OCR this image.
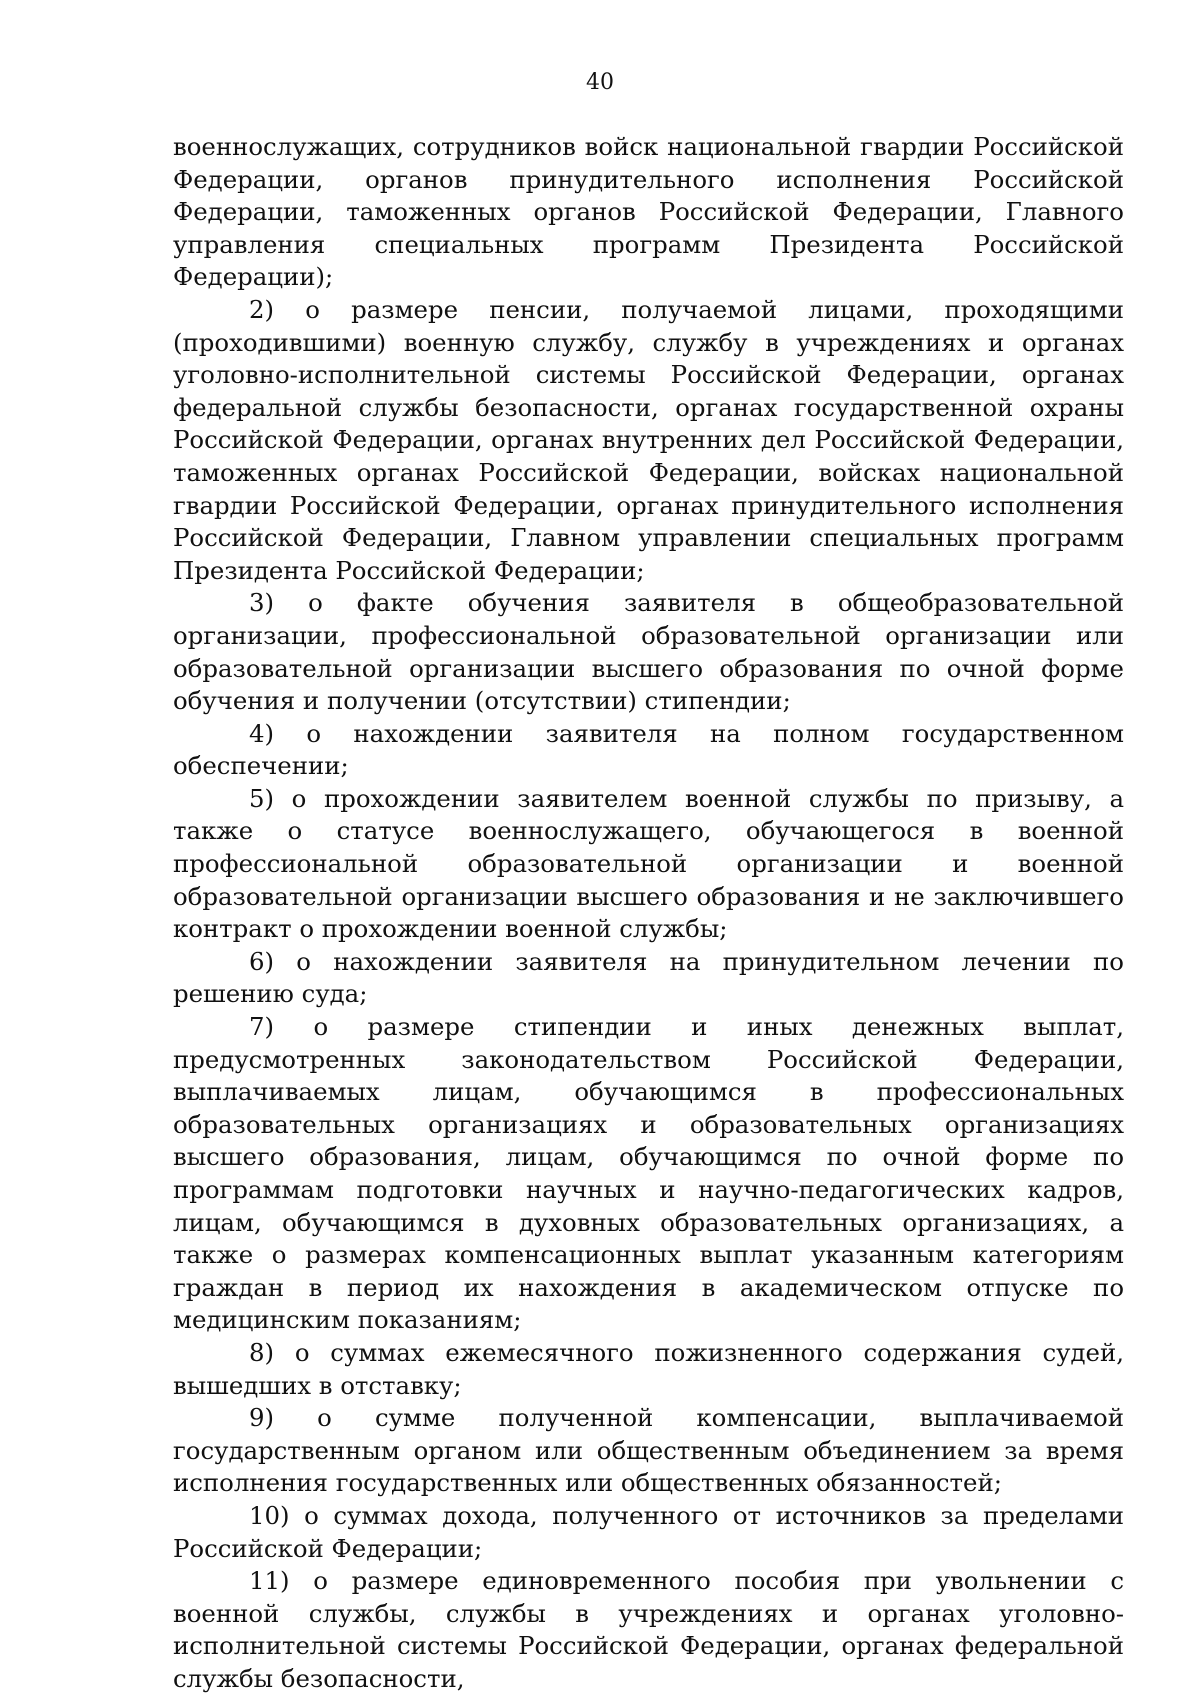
40

военнослужащих, сотрудников войск национальной гвардии Российской Федерации, органов принудительного исполнения Российской Федерации, таможенных органов Российской Федерации, Главного управления специальных программ Президента Российской Федерации);

2) о размере пенсии, получаемой лицами, проходящими (проходившими) военную службу, службу в учреждениях и органах уголовно-исполнительной системы Российской Федерации, органах федеральной службы безопасности, органах государственной охраны Российской Федерации, органах внутренних дел Российской Федерации, таможенных органах Российской Федерации, войсках национальной гвардии Российской Федерации, органах принудительного исполнения Российской Федерации, Главном управлении специальных программ Президента Российской Федерации;

3) о факте обучения заявителя в общеобразовательной организации, профессиональной образовательной организации или образовательной организации высшего образования по очной форме обучения и получении (отсутствии) стипендии;

4) о нахождении заявителя на полном государственном обеспечении;

5) о прохождении заявителем военной службы по призыву, а также о статусе военнослужащего, обучающегося в военной профессиональной образовательной организации и военной образовательной организации высшего образования и не заключившего контракт о прохождении военной службы;

6) о нахождении заявителя на принудительном лечении по решению суда;

7) о размере стипендии и иных денежных выплат, предусмотренных законодательством Российской Федерации, выплачиваемых лицам, обучающимся в профессиональных образовательных организациях и образовательных организациях высшего образования, лицам, обучающимся по очной форме по программам подготовки научных и научно-педагогических кадров, лицам, обучающимся в духовных образовательных организациях, а также о размерах компенсационных выплат указанным категориям граждан в период их нахождения в академическом отпуске по медицинским показаниям;

8) о суммах ежемесячного пожизненного содержания судей, вышедших в отставку;

9) о сумме полученной компенсации, выплачиваемой государственным органом или общественным объединением за время исполнения государственных или общественных обязанностей;

10) о суммах дохода, полученного от источников за пределами Российской Федерации;

11) о размере единовременного пособия при увольнении с военной службы, службы в учреждениях и органах уголовно-исполнительной системы Российской Федерации, органах федеральной службы безопасности,
